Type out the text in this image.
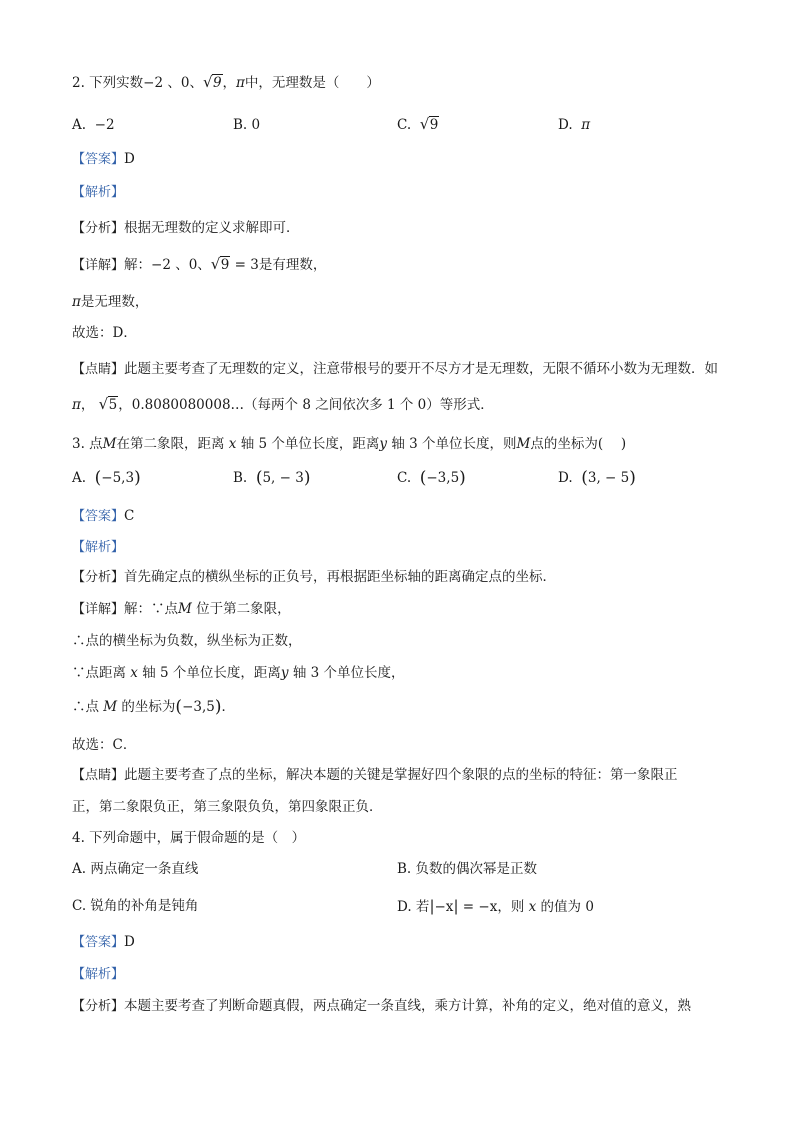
2. 下列实数−2 、0、 √ 9，π中，无理数是（　　）
A. −2	B. 0	C. √ 9	D. π
【答案】D
【解析】
【分析】根据无理数的定义求解即可．
【详解】解：−2 、0、 √ 9 = 3是有理数，
π是无理数，
故选：D．
【点睛】此题主要考查了无理数的定义，注意带根号的要开不尽方才是无理数，无限不循环小数为无理数．如
π， √ 5，0.8080080008…（每两个 8 之间依次多 1 个 0）等形式．
3. 点M在第二象限，距离 x 轴 5 个单位长度，距离y 轴 3 个单位长度，则M点的坐标为(　 )
A. (−5,3)	B. (5, − 3)	C. (−3,5)	D. (3, − 5)
【答案】C
【解析】
【分析】首先确定点的横纵坐标的正负号，再根据距坐标轴的距离确定点的坐标．
【详解】解：∵点M 位于第二象限，
∴点的横坐标为负数，纵坐标为正数，
∵点距离 x 轴 5 个单位长度，距离y 轴 3 个单位长度，
∴点 M 的坐标为(−3,5)．
故选：C．
【点睛】此题主要考查了点的坐标，解决本题的关键是掌握好四个象限的点的坐标的特征：第一象限正
正，第二象限负正，第三象限负负，第四象限正负．
4. 下列命题中，属于假命题的是（　）
A. 两点确定一条直线	B. 负数的偶次幂是正数
C. 锐角的补角是钝角	D. 若|−x| = −x，则 x 的值为 0
【答案】D
【解析】
【分析】本题主要考查了判断命题真假，两点确定一条直线，乘方计算，补角的定义，绝对值的意义，熟
